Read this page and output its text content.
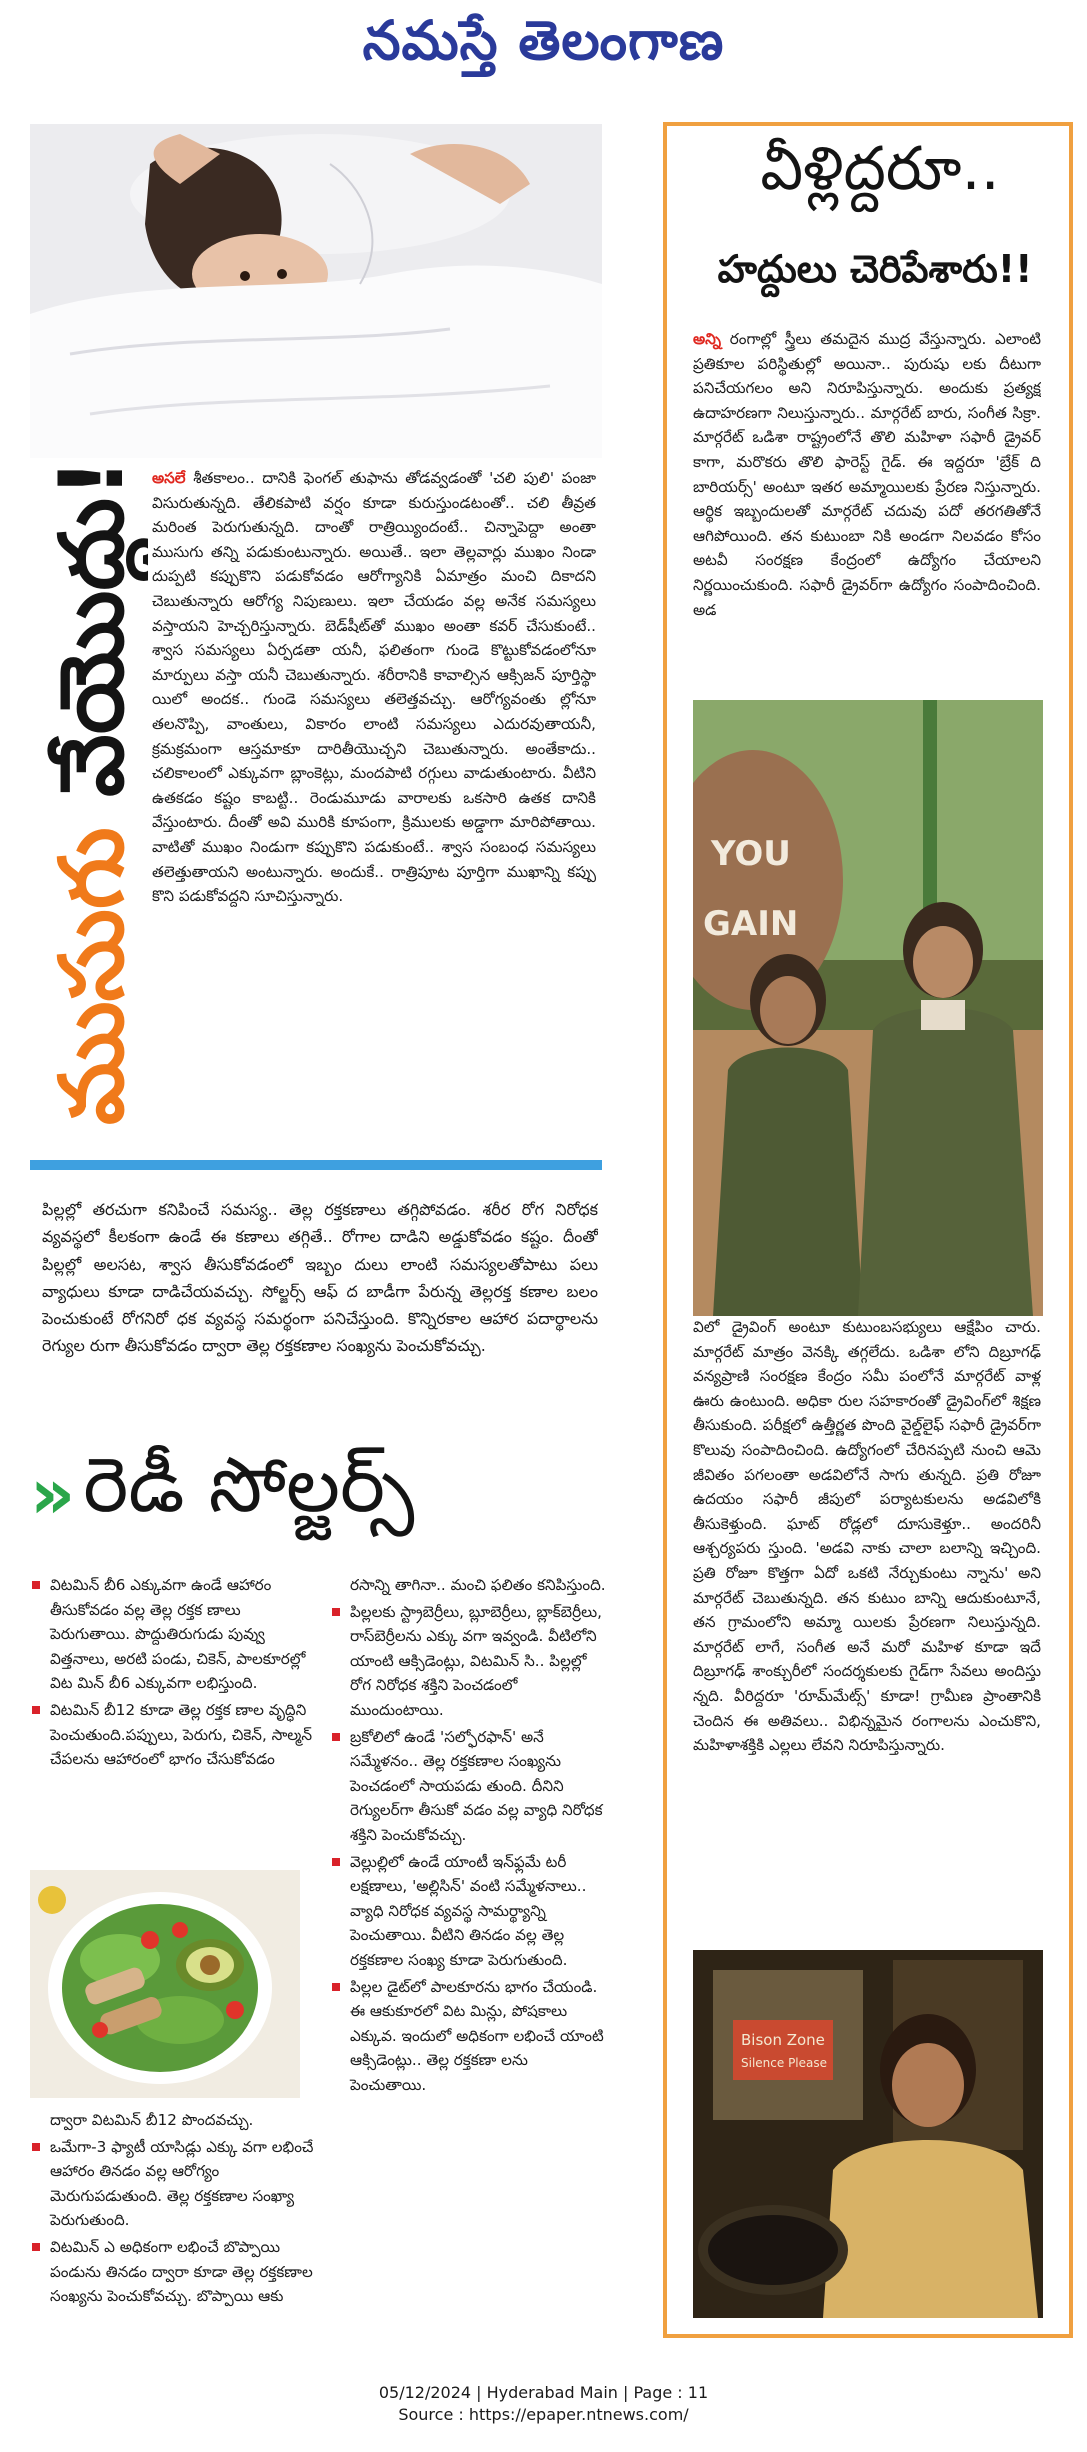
నమస్తే తెలంగాణ
ముసుగు వేయొద్దు! అసలే శీతకాలం.. దానికి ఫెంగల్ తుఫాను తోడవ్వడంతో 'చలి పులి' పంజా విసురుతున్నది. తేలికపాటి వర్షం కూడా కురుస్తుండటంతో.. చలి తీవ్రత మరింత పెరుగుతున్నది. దాంతో రాత్రియ్యిందంటే.. చిన్నాపెద్దా అంతా ముసుగు తన్ని పడుకుంటున్నారు. అయితే.. ఇలా తెల్లవార్లు ముఖం నిండా దుప్పటి కప్పుకొని పడుకోవడం ఆరోగ్యానికి ఏమాత్రం మంచి దికాదని చెబుతున్నారు ఆరోగ్య నిపుణులు. ఇలా చేయడం వల్ల అనేక సమస్యలు వస్తాయని హెచ్చరిస్తున్నారు. బెడ్‌షీట్‌తో ముఖం అంతా కవర్ చేసుకుంటే.. శ్వాస సమస్యలు ఏర్పడతా యనీ, ఫలితంగా గుండె కొట్టుకోవడంలోనూ మార్పులు వస్తా యనీ చెబుతున్నారు. శరీరానికి కావాల్సిన ఆక్సిజన్ పూర్తిస్థా యిలో అందక.. గుండె సమస్యలు తలెత్తవచ్చు. ఆరోగ్యవంతు ల్లోనూ తలనొప్పి, వాంతులు, వికారం లాంటి సమస్యలు ఎదురవుతాయనీ, క్రమక్రమంగా ఆస్తమాకూ దారితీయొచ్చని చెబుతున్నారు. అంతేకాదు.. చలికాలంలో ఎక్కువగా బ్లాంకెట్లు, మందపాటి రగ్గులు వాడుతుంటారు. వీటిని ఉతకడం కష్టం కాబట్టి.. రెండుమూడు వారాలకు ఒకసారి ఉతక దానికి వేస్తుంటారు. దీంతో అవి మురికి కూపంగా, క్రిములకు అడ్డాగా మారిపోతాయి. వాటితో ముఖం నిండుగా కప్పుకొని పడుకుంటే.. శ్వాస సంబంధ సమస్యలు తలెత్తుతాయని అంటున్నారు. అందుకే.. రాత్రిపూట పూర్తిగా ముఖాన్ని కప్పు కొని పడుకోవద్దని సూచిస్తున్నారు.
పిల్లల్లో తరచుగా కనిపించే సమస్య.. తెల్ల రక్తకణాలు తగ్గిపోవడం. శరీర రోగ నిరోధక వ్యవస్థలో కీలకంగా ఉండే ఈ కణాలు తగ్గితే.. రోగాల దాడిని అడ్డుకోవడం కష్టం. దీంతో పిల్లల్లో అలసట, శ్వాస తీసుకోవడంలో ఇబ్బం దులు లాంటి సమస్యలతోపాటు పలు వ్యాధులు కూడా దాడిచేయవచ్చు. సోల్జర్స్ ఆఫ్ ద బాడీగా పేరున్న తెల్లరక్త కణాల బలం పెంచుకుంటే రోగనిరో ధక వ్యవస్థ సమర్థంగా పనిచేస్తుంది. కొన్నిరకాల ఆహార పదార్థాలను రెగ్యుల రుగా తీసుకోవడం ద్వారా తెల్ల రక్తకణాల సంఖ్యను పెంచుకోవచ్చు.
» రెడీ సోల్జర్స్
విటమిన్ బీ6 ఎక్కువగా ఉండే ఆహారం తీసుకోవడం వల్ల తెల్ల రక్తక ణాలు పెరుగుతాయి. పొద్దుతిరుగుడు పువ్వు విత్తనాలు, అరటి పండు, చికెన్, పాలకూరల్లో విట మిన్ బీ6 ఎక్కువగా లభిస్తుంది.
విటమిన్ బీ12 కూడా తెల్ల రక్తక ణాల వృద్ధిని పెంచుతుంది.పప్పులు, పెరుగు, చికెన్, సాల్మన్ చేపలను ఆహారంలో భాగం చేసుకోవడం
ద్వారా విటమిన్ బీ12 పొందవచ్చు.
ఒమేగా-3 ఫ్యాటీ యాసిడ్లు ఎక్కు వగా లభించే ఆహారం తినడం వల్ల ఆరోగ్యం మెరుగుపడుతుంది. తెల్ల రక్తకణాల సంఖ్యా పెరుగుతుంది.
విటమిన్ ఎ అధికంగా లభించే బొప్పాయి పండును తినడం ద్వారా కూడా తెల్ల రక్తకణాల సంఖ్యను పెంచుకోవచ్చు. బొప్పాయి ఆకు
రసాన్ని తాగినా.. మంచి ఫలితం కనిపిస్తుంది.
పిల్లలకు స్ట్రాబెర్రీలు, బ్లూబెర్రీలు, బ్లాక్‌బెర్రీలు, రాస్‌బెర్రీలను ఎక్కు వగా ఇవ్వండి. వీటిలోని యాంటి ఆక్సిడెంట్లు, విటమిన్ సి.. పిల్లల్లో రోగ నిరోధక శక్తిని పెంచడంలో ముందుంటాయి.
బ్రకోలిలో ఉండే 'సల్ఫోరఫాన్' అనే సమ్మేళనం.. తెల్ల రక్తకణాల సంఖ్యను పెంచడంలో సాయపడు తుంది. దీనిని రెగ్యులర్‌గా తీసుకో వడం వల్ల వ్యాధి నిరోధక శక్తిని పెంచుకోవచ్చు.
వెల్లుల్లిలో ఉండే యాంటీ ఇన్‌ఫ్లమే టరీ లక్షణాలు, 'అల్లిసిన్' వంటి సమ్మేళనాలు.. వ్యాధి నిరోధక వ్యవస్థ సామర్థ్యాన్ని పెంచుతాయి. వీటిని తినడం వల్ల తెల్ల రక్తకణాల సంఖ్య కూడా పెరుగుతుంది.
పిల్లల డైట్‌లో పాలకూరను భాగం చేయండి. ఈ ఆకుకూరలో విట మిన్లు, పోషకాలు ఎక్కువ. ఇందులో అధికంగా లభించే యాంటి ఆక్సిడెంట్లు.. తెల్ల రక్తకణా లను పెంచుతాయి.
వీళ్లిద్దరూ..
హద్దులు చెరిపేశారు!!
అన్ని రంగాల్లో స్త్రీలు తమదైన ముద్ర వేస్తున్నారు. ఎలాంటి ప్రతికూల పరిస్థితుల్లో అయినా.. పురుషు లకు దీటుగా పనిచేయగలం అని నిరూపిస్తున్నారు. అందుకు ప్రత్యక్ష ఉదాహరణగా నిలుస్తున్నారు.. మార్గరేట్ బారు, సంగీత సిక్రా. మార్గరేట్ ఒడిశా రాష్ట్రంలోనే తొలి మహిళా సఫారీ డ్రైవర్ కాగా, మరొకరు తొలి ఫారెస్ట్ గైడ్. ఈ ఇద్దరూ 'బ్రేక్ ది బారియర్స్' అంటూ ఇతర అమ్మాయిలకు ప్రేరణ నిస్తున్నారు. ఆర్థిక ఇబ్బందులతో మార్గరేట్ చదువు పదో తరగతితోనే ఆగిపోయింది. తన కుటుంబా నికి అండగా నిలవడం కోసం అటవీ సంరక్షణ కేంద్రంలో ఉద్యోగం చేయాలని నిర్ణయించుకుంది. సఫారీ డ్రైవర్‌గా ఉద్యోగం సంపాదించింది. అడ
YOU
GAIN
విలో డ్రైవింగ్ అంటూ కుటుంబసభ్యులు ఆక్షేపిం చారు. మార్గరేట్ మాత్రం వెనక్కి తగ్గలేదు. ఒడిశా లోని దిబ్రూగఢ్ వన్యప్రాణి సంరక్షణ కేంద్రం సమీ పంలోనే మార్గరేట్ వాళ్ల ఊరు ఉంటుంది. అధికా రుల సహకారంతో డ్రైవింగ్‌లో శిక్షణ తీసుకుంది. పరీక్షలో ఉత్తీర్ణత పొంది వైల్డ్‌లైఫ్ సఫారీ డ్రైవర్‌గా కొలువు సంపాదించింది. ఉద్యోగంలో చేరినప్పటి నుంచి ఆమె జీవితం పగలంతా అడవిలోనే సాగు తున్నది. ప్రతి రోజూ ఉదయం సఫారీ జీపులో పర్యాటకులను అడవిలోకి తీసుకెళ్తుంది. ఘాట్ రోడ్లలో దూసుకెళ్తూ.. అందరినీ ఆశ్చర్యపరు స్తుంది. 'అడవి నాకు చాలా బలాన్ని ఇచ్చింది. ప్రతి రోజూ కొత్తగా ఏదో ఒకటి నేర్చుకుంటు న్నాను' అని మార్గరేట్ చెబుతున్నది. తన కుటుం బాన్ని ఆదుకుంటూనే, తన గ్రామంలోని అమ్మా యిలకు ప్రేరణగా నిలుస్తున్నది. మార్గరేట్ లాగే, సంగీత అనే మరో మహిళ కూడా ఇదే దిబ్రూగఢ్ శాంక్చురీలో సందర్శకులకు గైడ్‌గా సేవలు అందిస్తు న్నది. వీరిద్దరూ 'రూమ్‌మేట్స్' కూడా! గ్రామీణ ప్రాంతానికి చెందిన ఈ అతివలు.. విభిన్నమైన రంగాలను ఎంచుకొని, మహిళాశక్తికి ఎల్లలు లేవని నిరూపిస్తున్నారు.
Bison Zone
Silence Please
05/12/2024 | Hyderabad Main | Page : 11
Source : https://epaper.ntnews.com/
